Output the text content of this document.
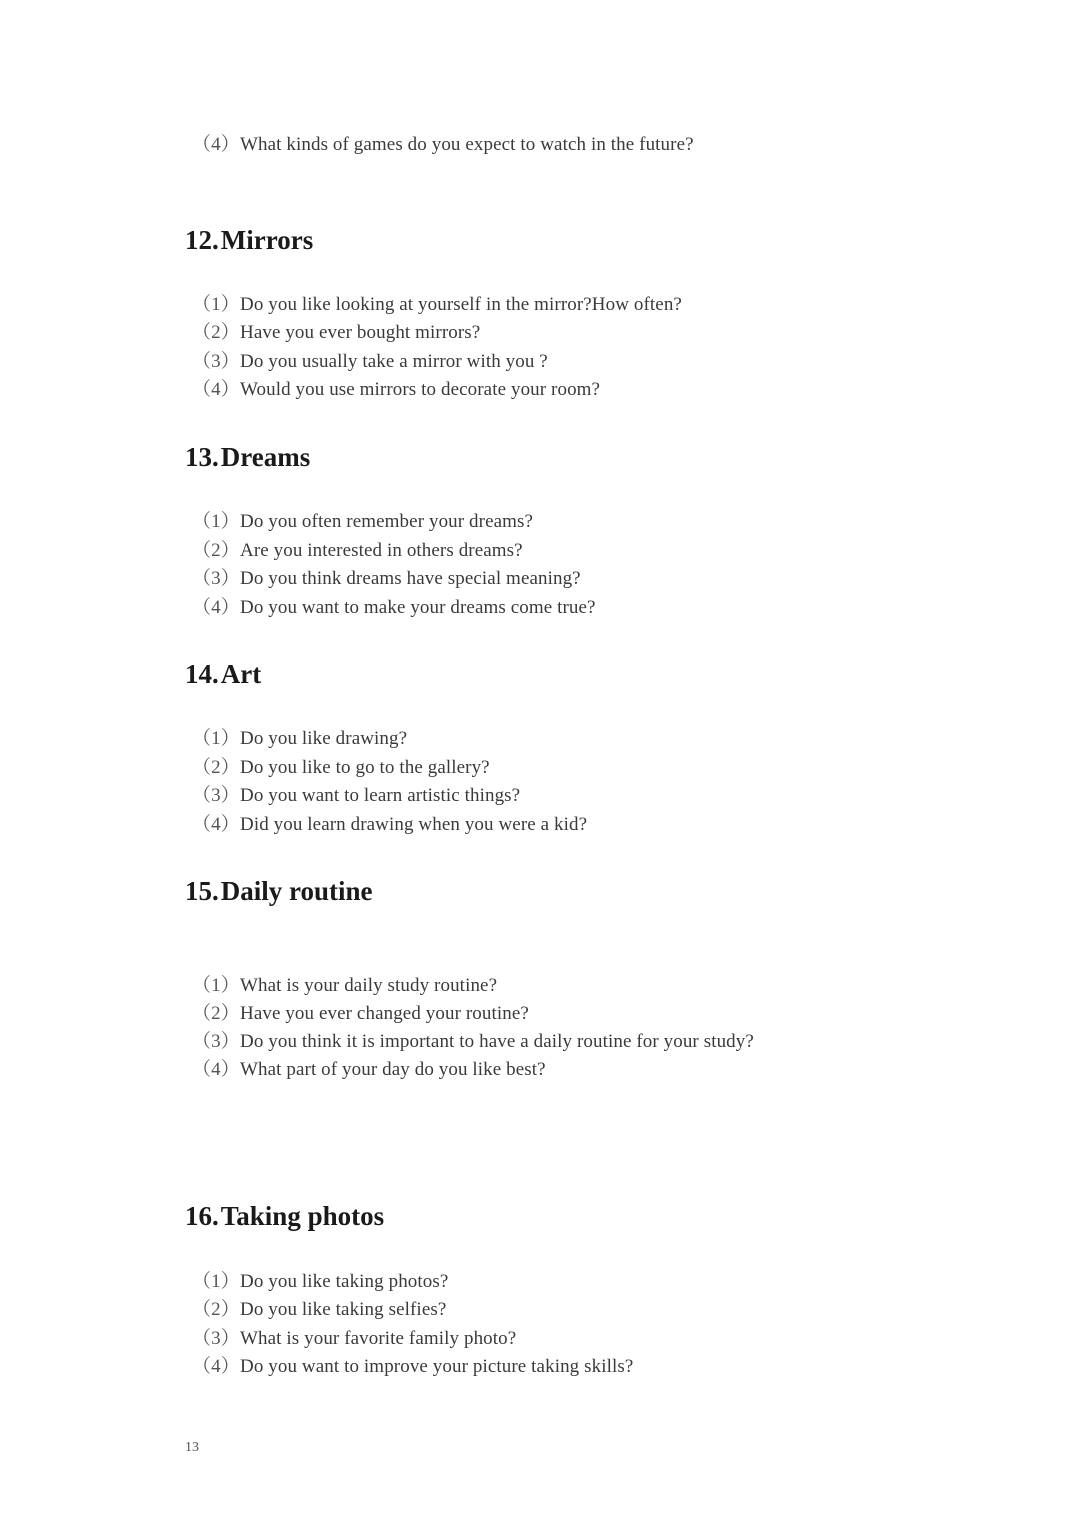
（4）What kinds of games do you expect to watch in the future?
12.Mirrors
（1）Do you like looking at yourself in the mirror?How often?
（2）Have you ever bought mirrors?
（3）Do you usually take a mirror with you ?
（4）Would you use mirrors to decorate your room?
13.Dreams
（1）Do you often remember your dreams?
（2）Are you interested in others dreams?
（3）Do you think dreams have special meaning?
（4）Do you want to make your dreams come true?
14.Art
（1）Do you like drawing?
（2）Do you like to go to the gallery?
（3）Do you want to learn artistic things?
（4）Did you learn drawing when you were a kid?
15.Daily routine
（1）What is your daily study routine?
（2）Have you ever changed your routine?
（3）Do you think it is important to have a daily routine for your study?
（4）What part of your day do you like best?
16.Taking photos
（1）Do you like taking photos?
（2）Do you like taking selfies?
（3）What is your favorite family photo?
（4）Do you want to improve your picture taking skills?
13
